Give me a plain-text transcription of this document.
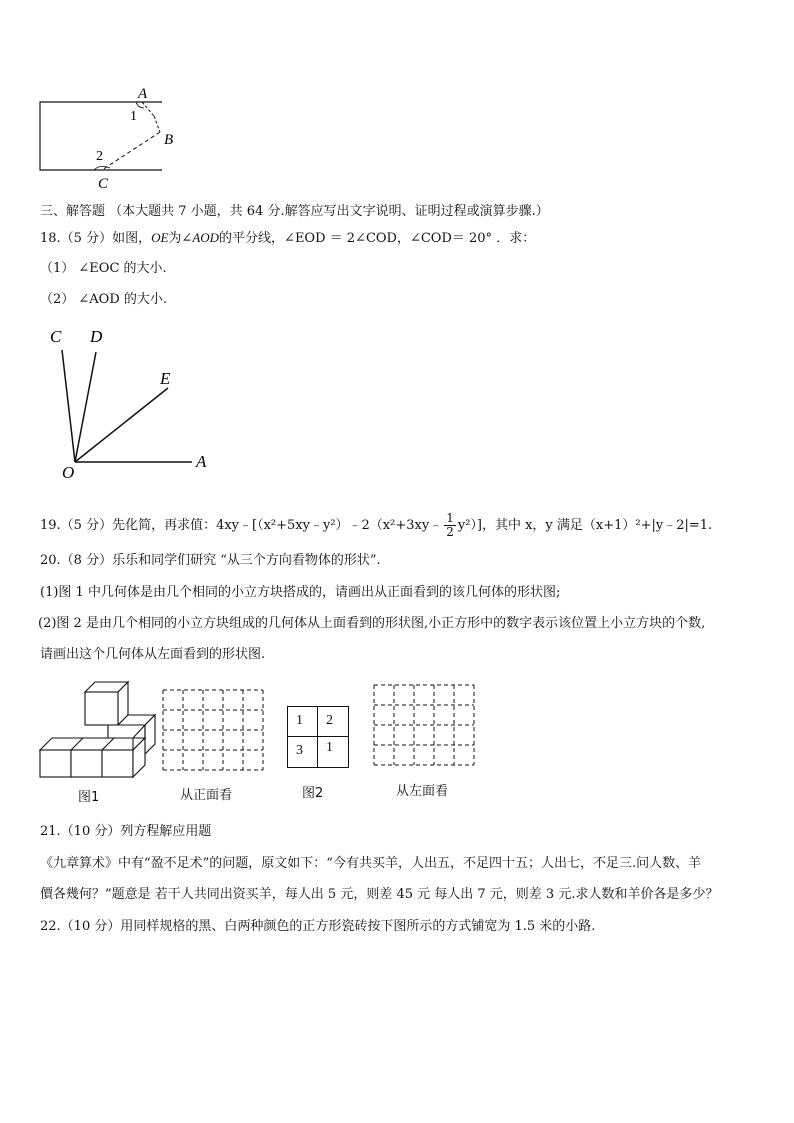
A
1
B
2
C
三、解答题 （本大题共 7 小题，共 64 分.解答应写出文字说明、证明过程或演算步骤.）
18.（5 分）如图，OE为∠AOD的平分线，∠EOD ＝ 2∠COD，∠COD＝ 20° ．求：
（1） ∠EOC 的大小.
（2） ∠AOD 的大小.
C D
E
O
A
19.（5 分）先化简，再求值：4xy﹣[（x²+5xy﹣y²）﹣2（x²+3xy﹣ $\frac{1}{2} y^2$）]，其中 x，y 满足（x+1）²+|y﹣2|=1.
20.（8 分）乐乐和同学们研究 “从三个方向看物体的形状”.
(1)图 1 中几何体是由几个相同的小立方块搭成的，请画出从正面看到的该几何体的形状图;
(2)图 2 是由几个相同的小立方块组成的几何体从上面看到的形状图,小正方形中的数字表示该位置上小立方块的个数,
请画出这个几何体从左面看到的形状图.
图1	从正面看
1	2
3	1
图2	从左面看
21.（10 分）列方程解应用题
《九章算术》中有“盈不足术”的问题，原文如下：“今有共买羊，人出五，不足四十五；人出七，不足三.问人数、羊
價各幾何？”题意是 若干人共同出资买羊，每人出 5 元，则差 45 元 每人出 7 元，则差 3 元.求人数和羊价各是多少？
22.（10 分）用同样规格的黑、白两种颜色的正方形瓷砖按下图所示的方式铺宽为 1.5 米的小路.
